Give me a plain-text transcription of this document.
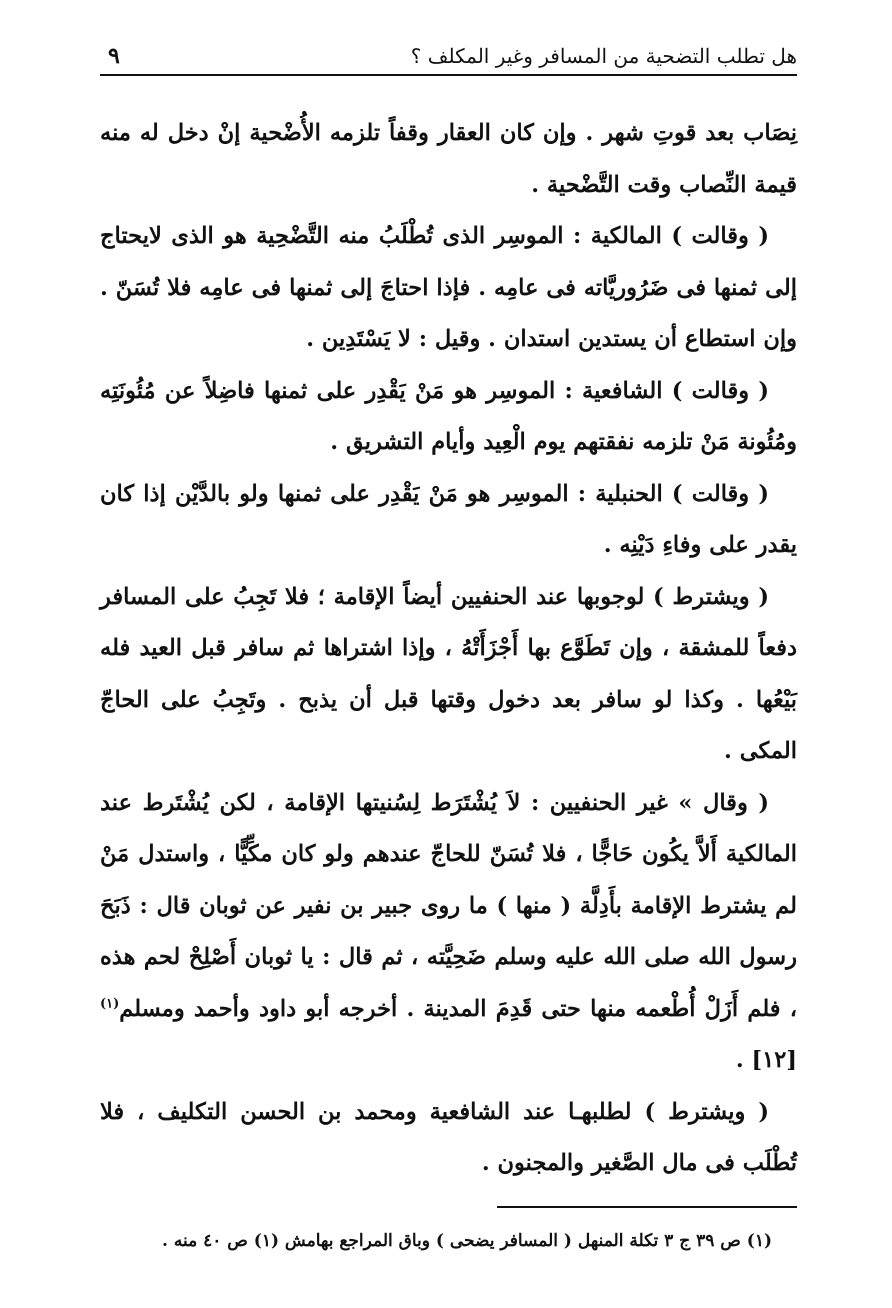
هل تطلب التضحية من المسافر وغير المكلف ؟
٩

نِصَاب بعد قوتِ شهر . وإن كان العقار وقفاً تلزمه الأُضْحية إنْ دخل له منه قيمة النِّصاب وقت التَّضْحية .

( وقالت ) المالكية : الموسِر الذى تُطْلَبُ منه التَّضْحِية هو الذى لايحتاج إلى ثمنها فى ضَرُوريَّاته فى عامِه . فإذا احتاجَ إلى ثمنها فى عامِه فلا تُسَنّ . وإن استطاع أن يستدين استدان . وقيل : لا يَسْتَدِين .

( وقالت ) الشافعية : الموسِر هو مَنْ يَقْدِر على ثمنها فاضِلاً عن مُئُونَتِه ومُئُونة مَنْ تلزمه نفقتهم يوم الْعِيد وأيام التشريق .

( وقالت ) الحنبلية : الموسِر هو مَنْ يَقْدِر على ثمنها ولو بالدَّيْن إذا كان يقدر على وفاءِ دَيْنِه .

( ويشترط ) لوجوبها عند الحنفيين أيضاً الإقامة ؛ فلا تَجِبُ على المسافر دفعاً للمشقة ، وإن تَطَوَّع بها أَجْزَأَتْهُ ، وإذا اشتراها ثم سافر قبل العيد فله بَيْعُها . وكذا لو سافر بعد دخول وقتها قبل أن يذبح . وتَجِبُ على الحاجّ المكى .

( وقال » غير الحنفيين : لاَ يُشْتَرَط لِسُنيتها الإقامة ، لكن يُشْتَرط عند المالكية أَلاَّ يكُون حَاجًّا ، فلا تُسَنّ للحاجّ عندهم ولو كان مكِّيًّا ، واستدل مَنْ لم يشترط الإقامة بأَدِلَّة ( منها ) ما روى جبير بن نفير عن ثوبان قال : ذَبَحَ رسول الله صلى الله عليه وسلم ضَحِيَّته ، ثم قال : يا ثوبان أَصْلِحْ لحم هذه ، فلم أَزَلْ أُطْعمه منها حتى قَدِمَ المدينة . أخرجه أبو داود وأحمد ومسلم$^{(١)}$ [١٢] .

( ويشترط ) لطلبهـا عند الشافعية ومحمد بن الحسن التكليف ، فلا تُطْلَب فى مال الصَّغير والمجنون .

(١) ص ٣٩ ج ٣ تكلة المنهل ( المسافر يضحى ) وباق المراجع بهامش (١) ص ٤٠ منه .
